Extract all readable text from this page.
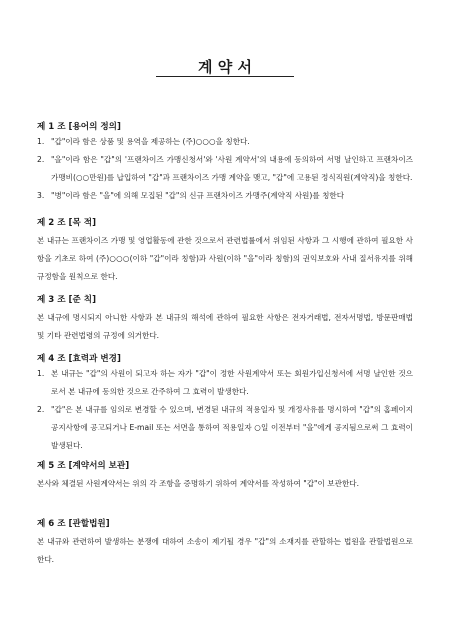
계 약 서
제 1 조 [용어의 정의]
1. "갑"이라 함은 상품 및 용역을 제공하는 (주)○○○을 칭한다.
2. "을"이라 함은 "갑"의 '프랜차이즈 가맹신청서'와 '사원 계약서'의 내용에 동의하여 서명 날인하고 프랜차이즈 가맹비(○○만원)를 납입하여 "갑"과 프랜차이즈 가맹 계약을 맺고, "갑"에 고용된 정식직원(계약직)을 칭한다.
3. "병"이라 함은 "을"에 의해 모집된 "갑"의 신규 프랜차이즈 가맹주(계약직 사원)를 칭한다
제 2 조 [목 적]
본 내규는 프랜차이즈 가맹 및 영업활동에 관한 것으로서 관련법률에서 위임된 사항과 그 시행에 관하여 필요한 사항을 기초로 하여 (주)○○○(이하 "갑"이라 칭함)과 사원(이하 "을"이라 칭함)의 권익보호와 사내 질서유지를 위해 규정함을 원칙으로 한다.
제 3 조 [준 칙]
본 내규에 명시되지 아니한 사항과 본 내규의 해석에 관하여 필요한 사항은 전자거래법, 전자서명법, 방문판매법 및 기타 관련법령의 규정에 의거한다.
제 4 조 [효력과 변경]
1. 본 내규는 "갑"의 사원이 되고자 하는 자가 "갑"이 정한 사원계약서 또는 회원가입신청서에 서명 날인한 것으로서 본 내규에 동의한 것으로 간주하여 그 효력이 발생한다.
2. "갑"은 본 내규를 임의로 변경할 수 있으며, 변경된 내규의 적용일자 및 개정사유를 명시하여 "갑"의 홈페이지 공지사항에 공고되거나 E-mail 또는 서면을 통하여 적용일자 ○일 이전부터 "을"에게 공지됨으로써 그 효력이 발생된다.
제 5 조 [계약서의 보관]
본사와 체결된 사원계약서는 위의 각 조항을 증명하기 위하여 계약서를 작성하여 "갑"이 보관한다.
제 6 조 [관할법원]
본 내규와 관련하여 발생하는 분쟁에 대하여 소송이 제기될 경우 "갑"의 소재지를 관할하는 법원을 관할법원으로 한다.
